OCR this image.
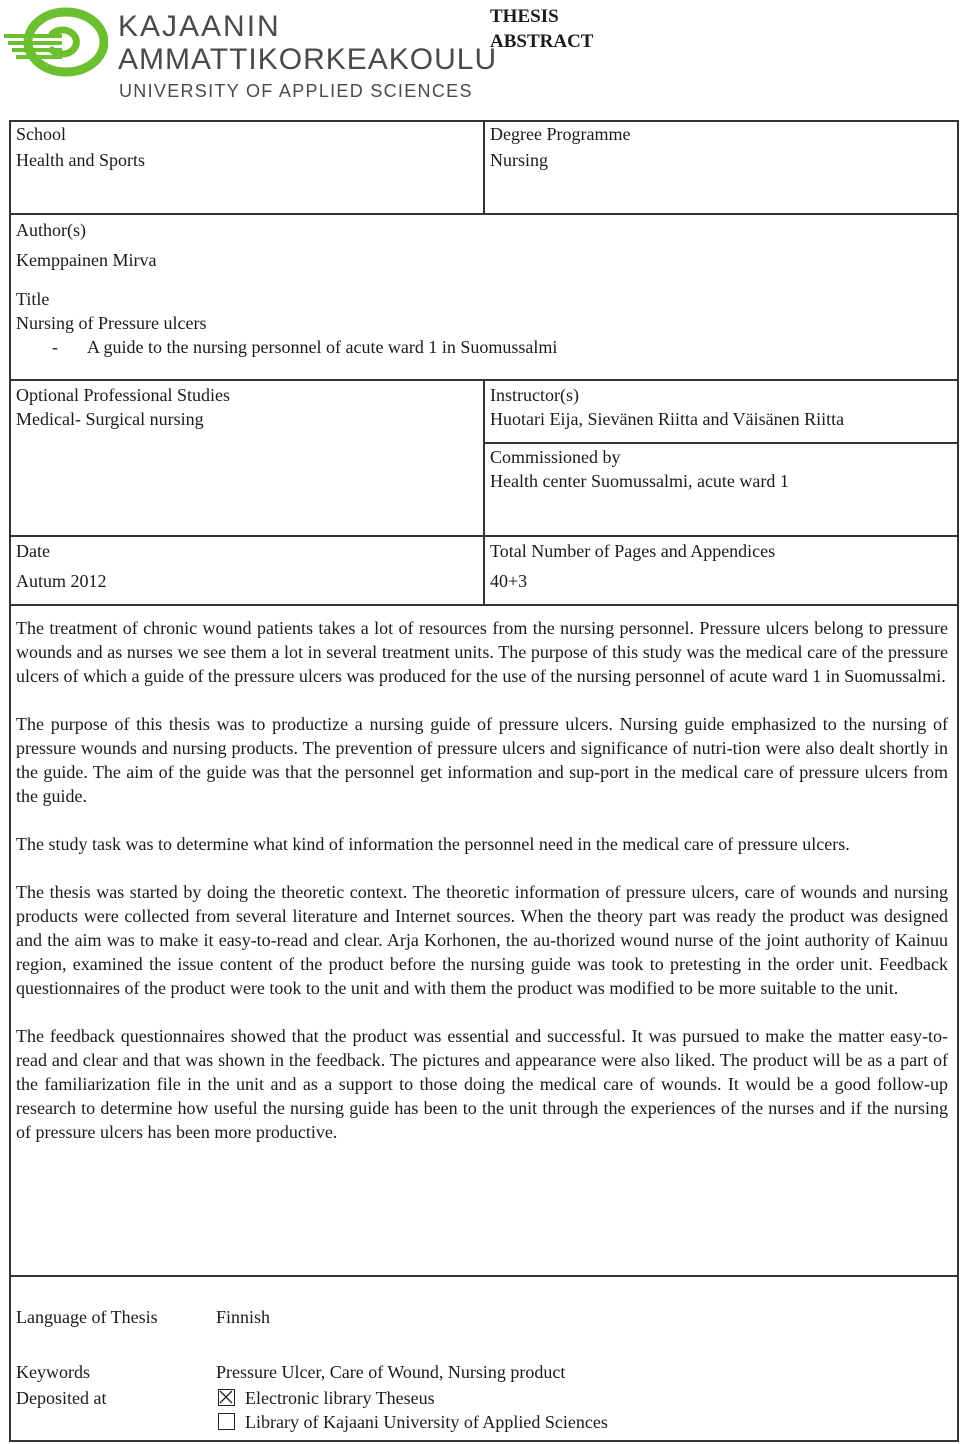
KAJAANIN
AMMATTIKORKEAKOULU
UNIVERSITY OF APPLIED SCIENCES
THESIS
ABSTRACT
School
Health and Sports
Degree Programme
Nursing
Author(s)
Kemppainen Mirva
Title
Nursing of Pressure ulcers
- A guide to the nursing personnel of acute ward 1 in Suomussalmi
Optional Professional Studies
Medical- Surgical nursing
Instructor(s)
Huotari Eija, Sievänen Riitta and Väisänen Riitta
Commissioned by
Health center Suomussalmi, acute ward 1
Date
Autum 2012
Total Number of Pages and Appendices
40+3

The treatment of chronic wound patients takes a lot of resources from the nursing personnel. Pressure ulcers belong to pressure wounds and as nurses we see them a lot in several treatment units. The purpose of this study was the medical care of the pressure ulcers of which a guide of the pressure ulcers was produced for the use of the nursing personnel of acute ward 1 in Suomussalmi.

The purpose of this thesis was to productize a nursing guide of pressure ulcers. Nursing guide emphasized to the nursing of pressure wounds and nursing products. The prevention of pressure ulcers and significance of nutri-tion were also dealt shortly in the guide. The aim of the guide was that the personnel get information and sup-port in the medical care of pressure ulcers from the guide.

The study task was to determine what kind of information the personnel need in the medical care of pressure ulcers.

The thesis was started by doing the theoretic context. The theoretic information of pressure ulcers, care of wounds and nursing products were collected from several literature and Internet sources. When the theory part was ready the product was designed and the aim was to make it easy-to-read and clear. Arja Korhonen, the au-thorized wound nurse of the joint authority of Kainuu region, examined the issue content of the product before the nursing guide was took to pretesting in the order unit. Feedback questionnaires of the product were took to the unit and with them the product was modified to be more suitable to the unit.

The feedback questionnaires showed that the product was essential and successful. It was pursued to make the matter easy-to-read and clear and that was shown in the feedback. The pictures and appearance were also liked. The product will be as a part of the familiarization file in the unit and as a support to those doing the medical care of wounds. It would be a good follow-up research to determine how useful the nursing guide has been to the unit through the experiences of the nurses and if the nursing of pressure ulcers has been more productive.

Language of Thesis	Finnish
Keywords	Pressure Ulcer, Care of Wound, Nursing product
Deposited at	Electronic library Theseus
Library of Kajaani University of Applied Sciences
